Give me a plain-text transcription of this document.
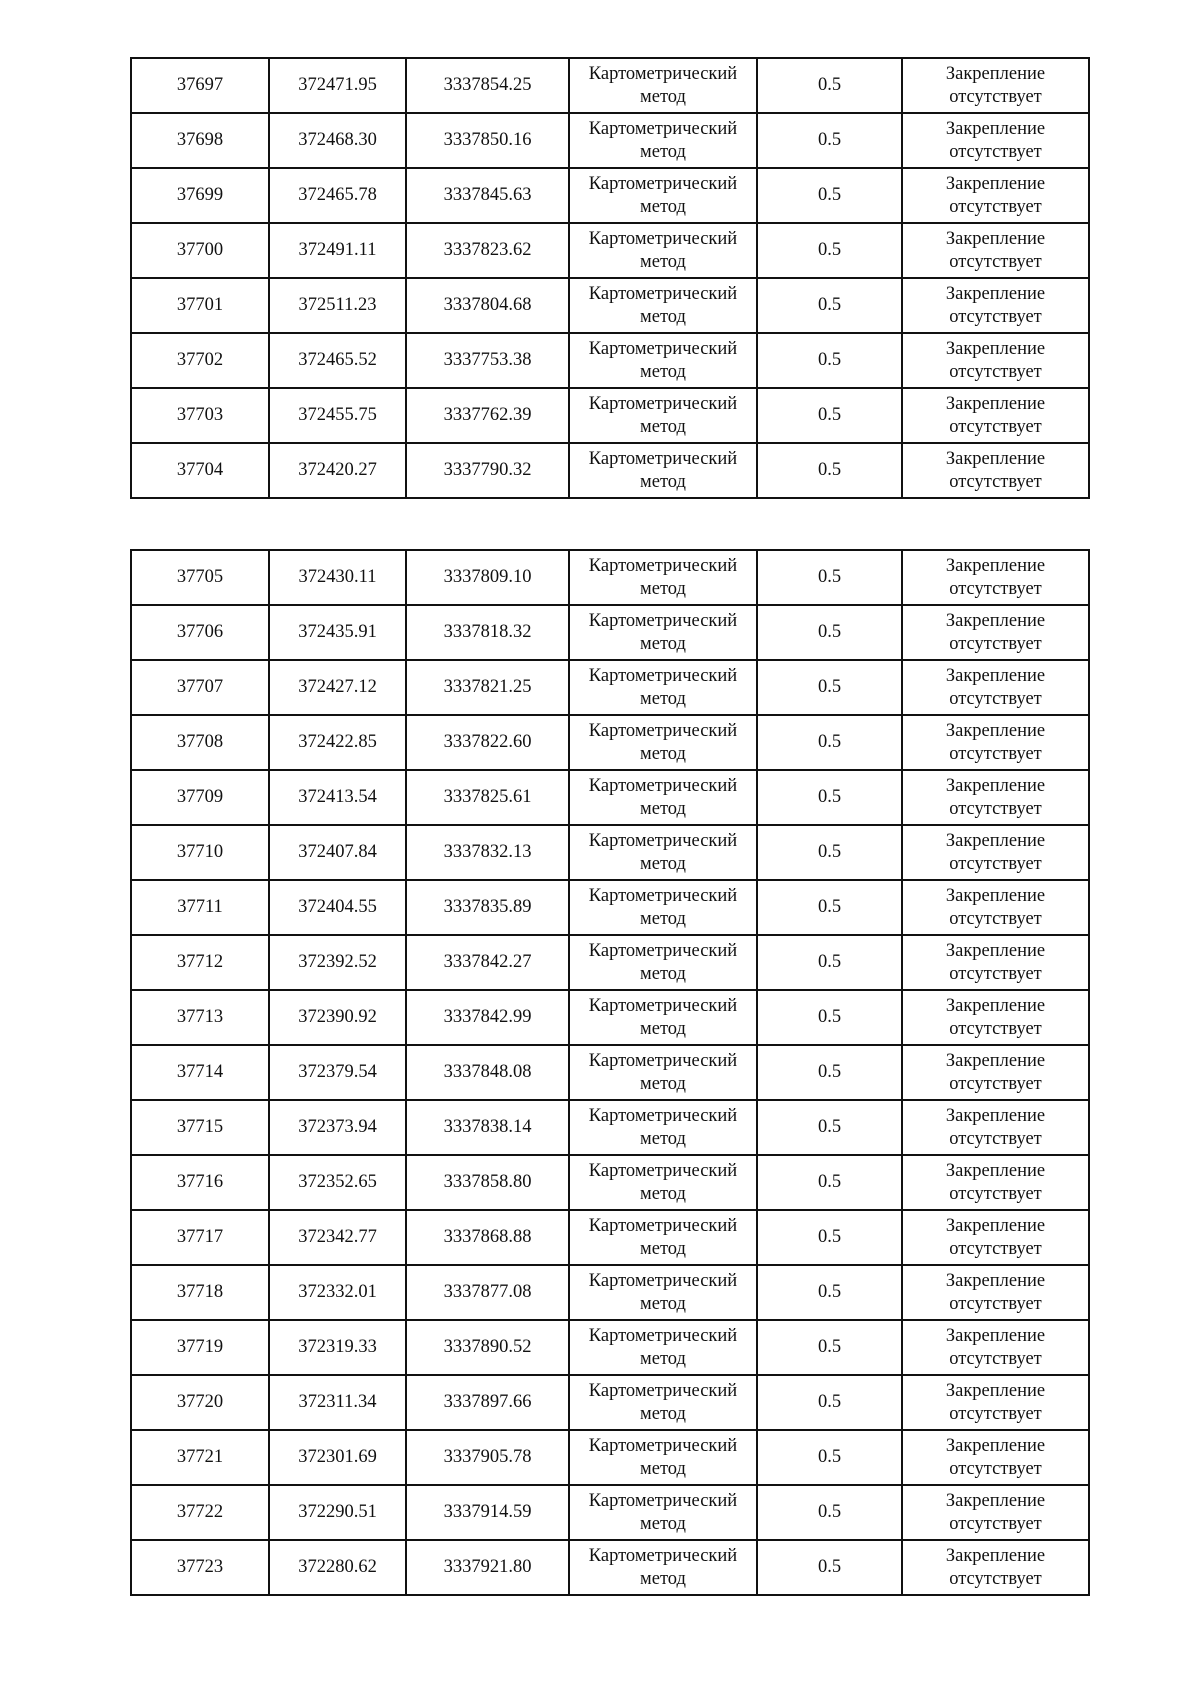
37697	372471.95	3337854.25	Картометрический
метод	0.5	Закрепление
отсутствует

37698	372468.30	3337850.16	Картометрический
метод	0.5	Закрепление
отсутствует

37699	372465.78	3337845.63	Картометрический
метод	0.5	Закрепление
отсутствует

37700	372491.11	3337823.62	Картометрический
метод	0.5	Закрепление
отсутствует

37701	372511.23	3337804.68	Картометрический
метод	0.5	Закрепление
отсутствует

37702	372465.52	3337753.38	Картометрический
метод	0.5	Закрепление
отсутствует

37703	372455.75	3337762.39	Картометрический
метод	0.5	Закрепление
отсутствует

37704	372420.27	3337790.32	Картометрический
метод	0.5	Закрепление
отсутствует
37705	372430.11	3337809.10	Картометрический
метод	0.5	Закрепление
отсутствует

37706	372435.91	3337818.32	Картометрический
метод	0.5	Закрепление
отсутствует

37707	372427.12	3337821.25	Картометрический
метод	0.5	Закрепление
отсутствует

37708	372422.85	3337822.60	Картометрический
метод	0.5	Закрепление
отсутствует

37709	372413.54	3337825.61	Картометрический
метод	0.5	Закрепление
отсутствует

37710	372407.84	3337832.13	Картометрический
метод	0.5	Закрепление
отсутствует

37711	372404.55	3337835.89	Картометрический
метод	0.5	Закрепление
отсутствует

37712	372392.52	3337842.27	Картометрический
метод	0.5	Закрепление
отсутствует

37713	372390.92	3337842.99	Картометрический
метод	0.5	Закрепление
отсутствует

37714	372379.54	3337848.08	Картометрический
метод	0.5	Закрепление
отсутствует

37715	372373.94	3337838.14	Картометрический
метод	0.5	Закрепление
отсутствует

37716	372352.65	3337858.80	Картометрический
метод	0.5	Закрепление
отсутствует

37717	372342.77	3337868.88	Картометрический
метод	0.5	Закрепление
отсутствует

37718	372332.01	3337877.08	Картометрический
метод	0.5	Закрепление
отсутствует

37719	372319.33	3337890.52	Картометрический
метод	0.5	Закрепление
отсутствует

37720	372311.34	3337897.66	Картометрический
метод	0.5	Закрепление
отсутствует

37721	372301.69	3337905.78	Картометрический
метод	0.5	Закрепление
отсутствует

37722	372290.51	3337914.59	Картометрический
метод	0.5	Закрепление
отсутствует

37723	372280.62	3337921.80	Картометрический
метод	0.5	Закрепление
отсутствует
